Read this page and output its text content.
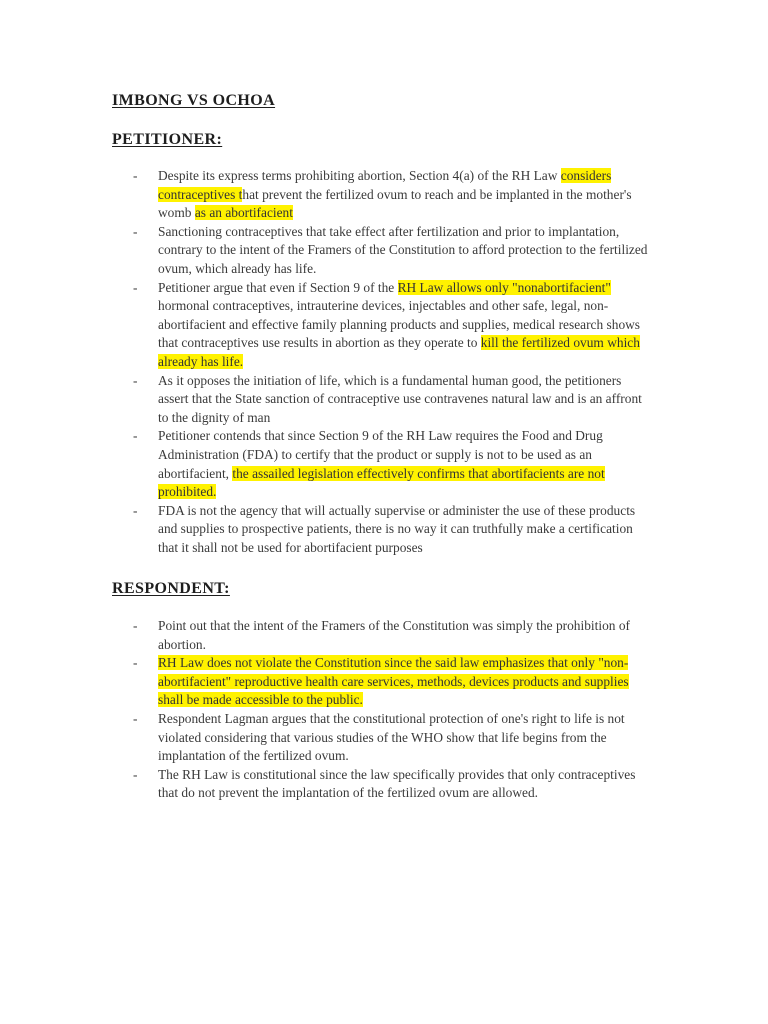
IMBONG VS OCHOA
PETITIONER:
- Despite its express terms prohibiting abortion, Section 4(a) of the RH Law considers contraceptives that prevent the fertilized ovum to reach and be implanted in the mother's womb as an abortifacient
- Sanctioning contraceptives that take effect after fertilization and prior to implantation, contrary to the intent of the Framers of the Constitution to afford protection to the fertilized ovum, which already has life.
- Petitioner argue that even if Section 9 of the RH Law allows only "nonabortifacient" hormonal contraceptives, intrauterine devices, injectables and other safe, legal, non-abortifacient and effective family planning products and supplies, medical research shows that contraceptives use results in abortion as they operate to kill the fertilized ovum which already has life.
- As it opposes the initiation of life, which is a fundamental human good, the petitioners assert that the State sanction of contraceptive use contravenes natural law and is an affront to the dignity of man
- Petitioner contends that since Section 9 of the RH Law requires the Food and Drug Administration (FDA) to certify that the product or supply is not to be used as an abortifacient, the assailed legislation effectively confirms that abortifacients are not prohibited.
- FDA is not the agency that will actually supervise or administer the use of these products and supplies to prospective patients, there is no way it can truthfully make a certification that it shall not be used for abortifacient purposes
RESPONDENT:
- Point out that the intent of the Framers of the Constitution was simply the prohibition of abortion.
- RH Law does not violate the Constitution since the said law emphasizes that only "non-abortifacient" reproductive health care services, methods, devices products and supplies shall be made accessible to the public.
- Respondent Lagman argues that the constitutional protection of one's right to life is not violated considering that various studies of the WHO show that life begins from the implantation of the fertilized ovum.
- The RH Law is constitutional since the law specifically provides that only contraceptives that do not prevent the implantation of the fertilized ovum are allowed.
